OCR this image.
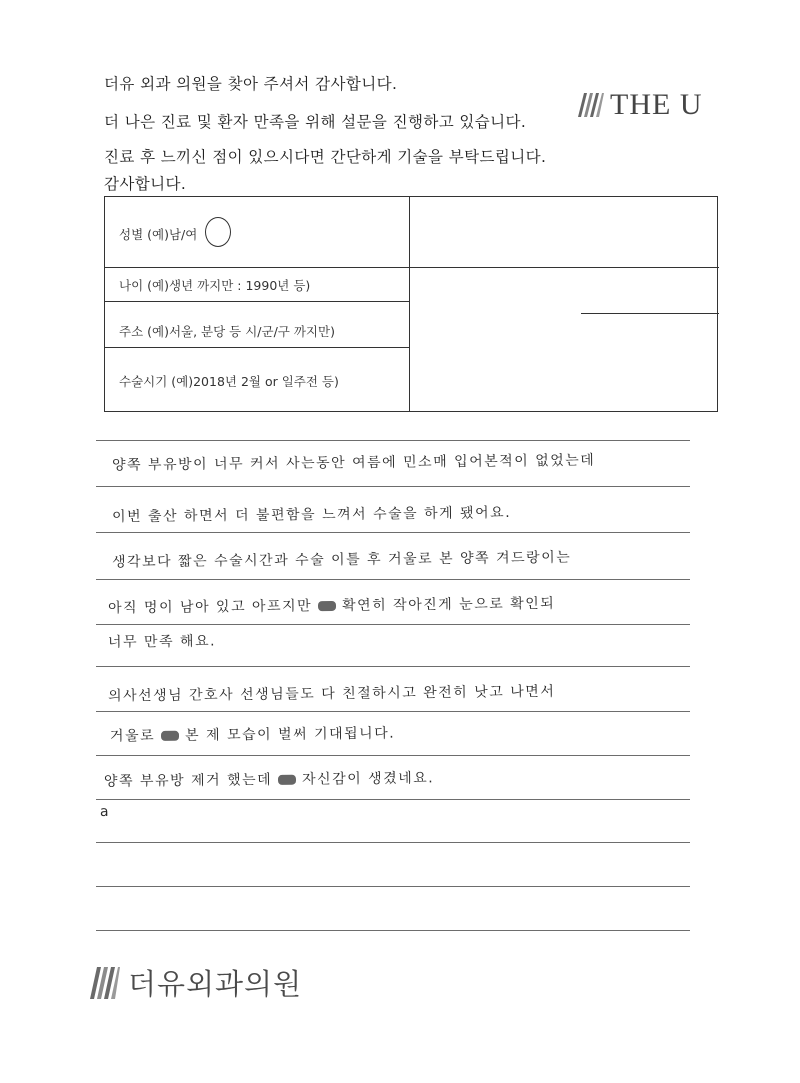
더유 외과 의원을 찾아 주셔서 감사합니다.
더 나은 진료 및 환자 만족을 위해 설문을 진행하고 있습니다.
진료 후 느끼신 점이 있으시다면 간단하게 기술을 부탁드립니다.
감사합니다.
THE U
성별 (예)남/여
나이 (예)생년 까지만 : 1990년 등)
주소 (예)서울, 분당 등 시/군/구 까지만)
수술시기 (예)2018년 2월 or 일주전 등)
양쪽 부유방이 너무 커서 사는동안 여름에 민소매 입어본적이 없었는데
이번 출산 하면서 더 불편함을 느껴서 수술을 하게 됐어요.
생각보다 짧은 수술시간과 수술 이틀 후 거울로 본 양쪽 겨드랑이는
아직 멍이 남아 있고 아프지만 확연히 작아진게 눈으로 확인되
너무 만족 해요.
의사선생님 간호사 선생님들도 다 친절하시고 완전히 낫고 나면서
거울로 본 제 모습이 벌써 기대됩니다.
양쪽 부유방 제거 했는데 자신감이 생겼네요.
a
더유외과의원
